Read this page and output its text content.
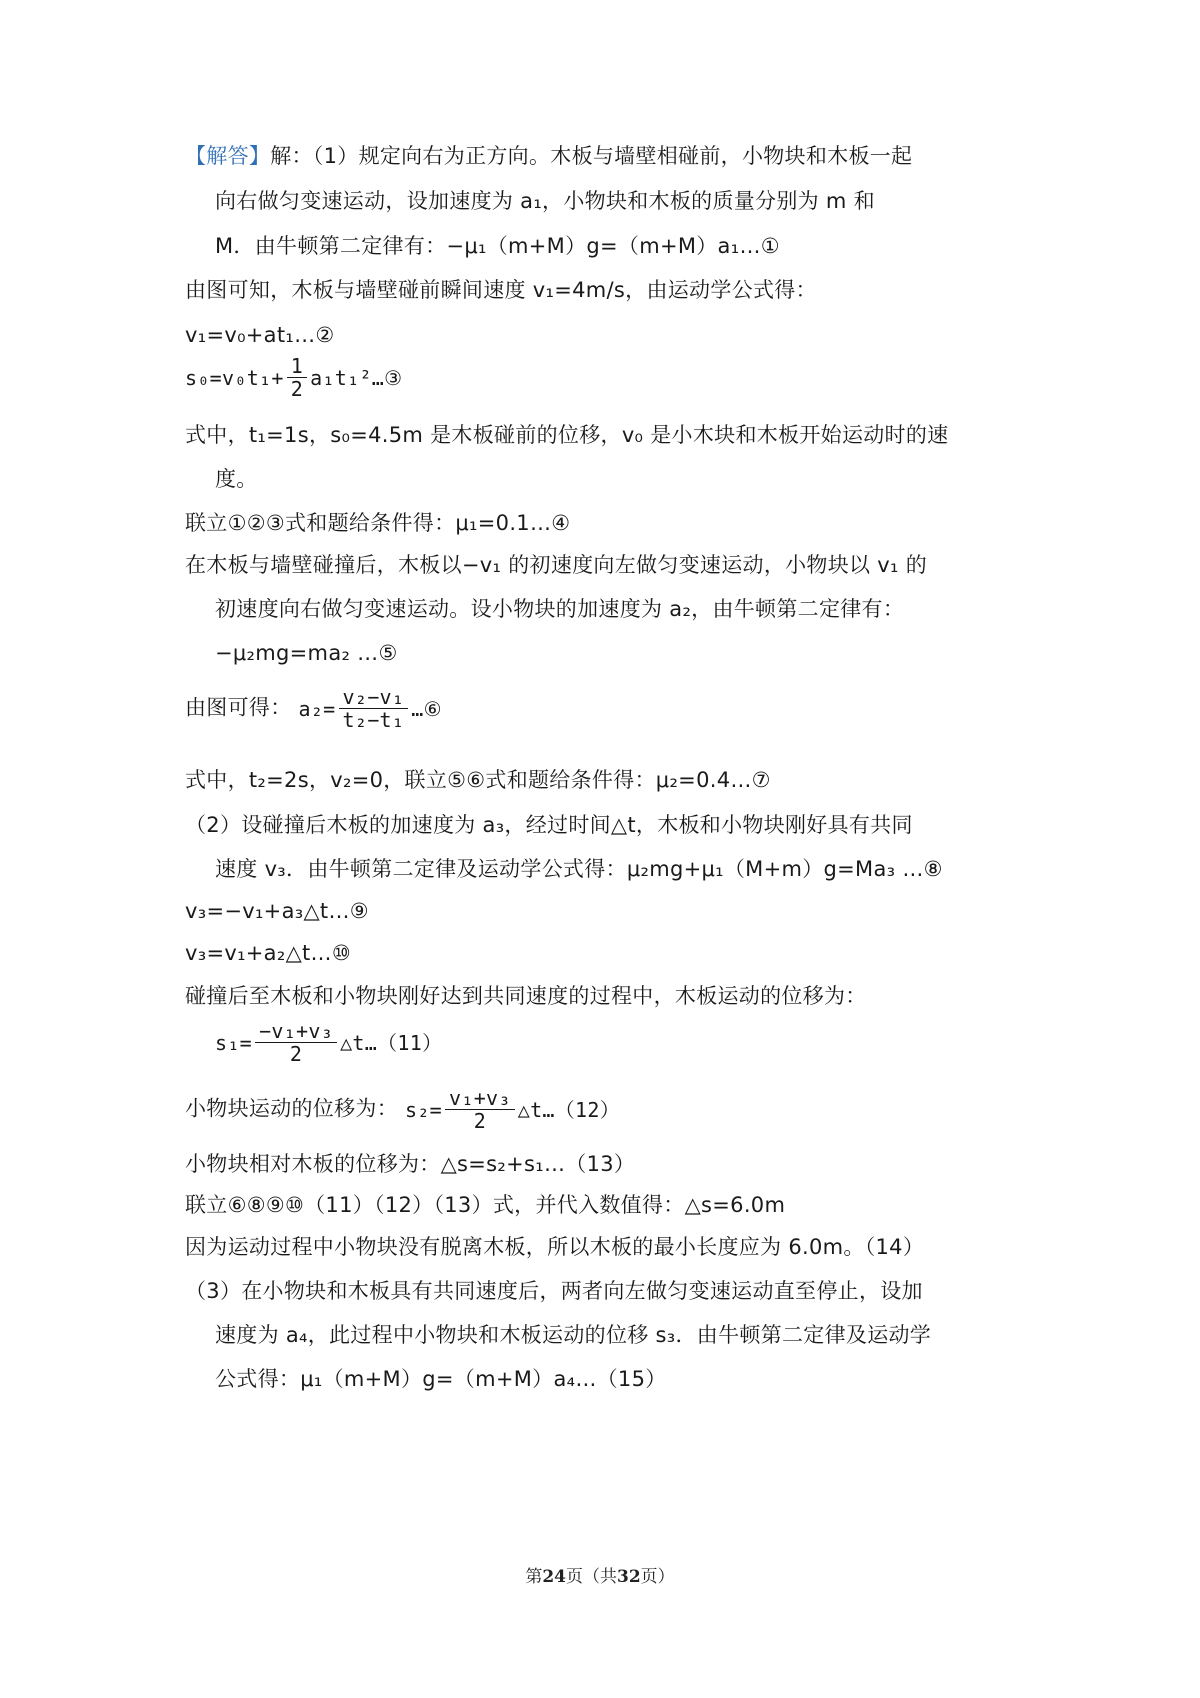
【解答】解：（1）规定向右为正方向。木板与墙壁相碰前，小物块和木板一起
向右做匀变速运动，设加速度为 a₁，小物块和木板的质量分别为 m 和
M．由牛顿第二定律有：−μ₁（m+M）g=（m+M）a₁…①
由图可知，木板与墙壁碰前瞬间速度 v₁=4m/s，由运动学公式得：
v₁=v₀+at₁…②
$s_0=v_0t_1+ \frac{1}{2}$ a₁t₁²…③
式中，t₁=1s，s₀=4.5m 是木板碰前的位移，v₀ 是小木块和木板开始运动时的速
度。
联立①②③式和题给条件得：μ₁=0.1…④
在木板与墙壁碰撞后，木板以−v₁ 的初速度向左做匀变速运动，小物块以 v₁ 的
初速度向右做匀变速运动。设小物块的加速度为 a₂，由牛顿第二定律有：
−μ₂mg=ma₂ …⑤
由图可得： $a_2= \frac{\text{v₂−v₁}}{\text{t₂−t₁}}$ …⑥
式中，t₂=2s，v₂=0，联立⑤⑥式和题给条件得：μ₂=0.4…⑦
（2）设碰撞后木板的加速度为 a₃，经过时间△t，木板和小物块刚好具有共同
速度 v₃．由牛顿第二定律及运动学公式得：μ₂mg+μ₁（M+m）g=Ma₃ …⑧
v₃=−v₁+a₃△t…⑨
v₃=v₁+a₂△t…⑩
碰撞后至木板和小物块刚好达到共同速度的过程中，木板运动的位移为：
$s_1= \frac{\text{−v₁+v₃}}{2}$ △t…（11）
小物块运动的位移为： $s_2= \frac{\text{v₁+v₃}}{2}$ △t…（12）
小物块相对木板的位移为：△s=s₂+s₁…（13）
联立⑥⑧⑨⑩（11）（12）（13）式，并代入数值得：△s=6.0m
因为运动过程中小物块没有脱离木板，所以木板的最小长度应为 6.0m。（14）
（3）在小物块和木板具有共同速度后，两者向左做匀变速运动直至停止，设加
速度为 a₄，此过程中小物块和木板运动的位移 s₃．由牛顿第二定律及运动学
公式得：μ₁（m+M）g=（m+M）a₄…（15）
第24页（共32页）
